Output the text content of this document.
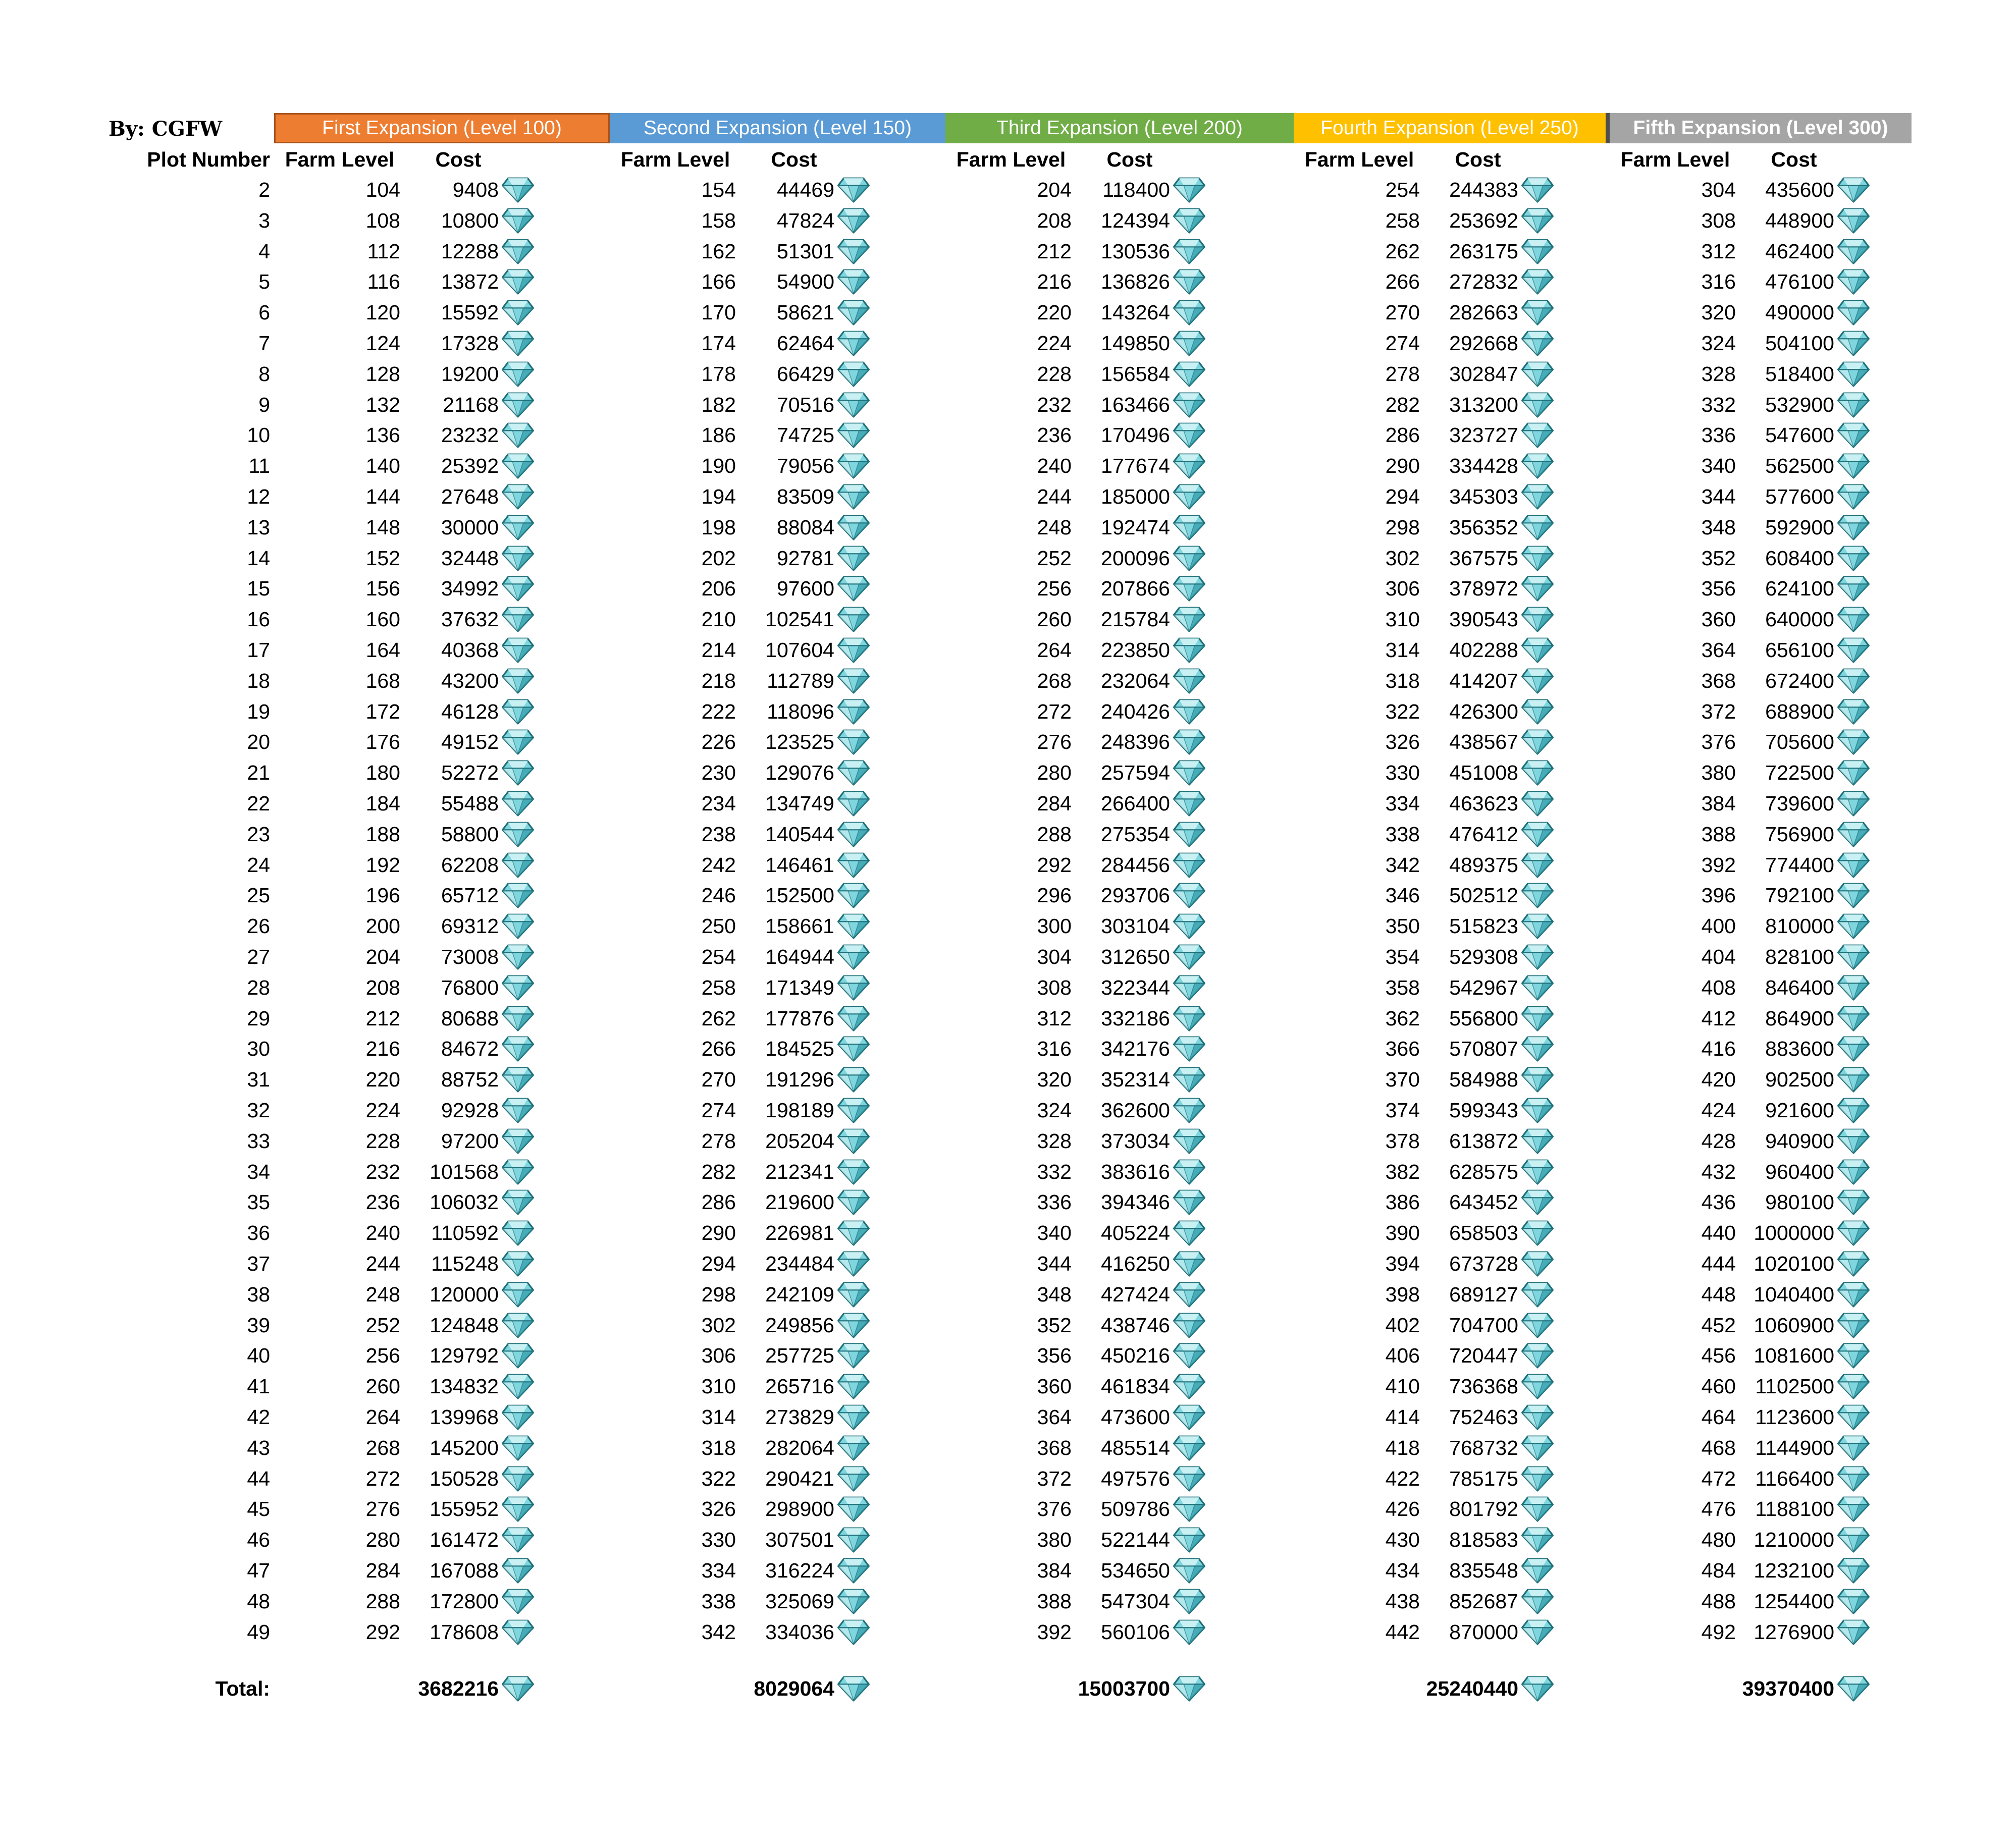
By: CGFW	First Expansion (Level 100)	Second Expansion (Level 150)	Third Expansion (Level 200)	Fourth Expansion (Level 250)	Fifth Expansion (Level 300)
Plot Number Farm Level	Cost	Farm Level	Cost	Farm Level	Cost	Farm Level	Cost	Farm Level	Cost
2	104	9408	154	44469	204	118400	254	244383	304	435600
3	108	10800	158	47824	208	124394	258	253692	308	448900
4	112	12288	162	51301	212	130536	262	263175	312	462400
5	116	13872	166	54900	216	136826	266	272832	316	476100
6	120	15592	170	58621	220	143264	270	282663	320	490000
7	124	17328	174	62464	224	149850	274	292668	324	504100
8	128	19200	178	66429	228	156584	278	302847	328	518400
9	132	21168	182	70516	232	163466	282	313200	332	532900
10	136	23232	186	74725	236	170496	286	323727	336	547600
11	140	25392	190	79056	240	177674	290	334428	340	562500
12	144	27648	194	83509	244	185000	294	345303	344	577600
13	148	30000	198	88084	248	192474	298	356352	348	592900
14	152	32448	202	92781	252	200096	302	367575	352	608400
15	156	34992	206	97600	256	207866	306	378972	356	624100
16	160	37632	210	102541	260	215784	310	390543	360	640000
17	164	40368	214	107604	264	223850	314	402288	364	656100
18	168	43200	218	112789	268	232064	318	414207	368	672400
19	172	46128	222	118096	272	240426	322	426300	372	688900
20	176	49152	226	123525	276	248396	326	438567	376	705600
21	180	52272	230	129076	280	257594	330	451008	380	722500
22	184	55488	234	134749	284	266400	334	463623	384	739600
23	188	58800	238	140544	288	275354	338	476412	388	756900
24	192	62208	242	146461	292	284456	342	489375	392	774400
25	196	65712	246	152500	296	293706	346	502512	396	792100
26	200	69312	250	158661	300	303104	350	515823	400	810000
27	204	73008	254	164944	304	312650	354	529308	404	828100
28	208	76800	258	171349	308	322344	358	542967	408	846400
29	212	80688	262	177876	312	332186	362	556800	412	864900
30	216	84672	266	184525	316	342176	366	570807	416	883600
31	220	88752	270	191296	320	352314	370	584988	420	902500
32	224	92928	274	198189	324	362600	374	599343	424	921600
33	228	97200	278	205204	328	373034	378	613872	428	940900
34	232	101568	282	212341	332	383616	382	628575	432	960400
35	236	106032	286	219600	336	394346	386	643452	436	980100
36	240	110592	290	226981	340	405224	390	658503	440 1000000
37	244	115248	294	234484	344	416250	394	673728	444 1020100
38	248	120000	298	242109	348	427424	398	689127	448 1040400
39	252	124848	302	249856	352	438746	402	704700	452 1060900
40	256	129792	306	257725	356	450216	406	720447	456 1081600
41	260	134832	310	265716	360	461834	410	736368	460 1102500
42	264	139968	314	273829	364	473600	414	752463	464 1123600
43	268	145200	318	282064	368	485514	418	768732	468 1144900
44	272	150528	322	290421	372	497576	422	785175	472 1166400
45	276	155952	326	298900	376	509786	426	801792	476 1188100
46	280	161472	330	307501	380	522144	430	818583	480 1210000
47	284	167088	334	316224	384	534650	434	835548	484 1232100
48	288	172800	338	325069	388	547304	438	852687	488 1254400
49	292	178608	342	334036	392	560106	442	870000	492 1276900
Total:	3682216	8029064	15003700	25240440	39370400
